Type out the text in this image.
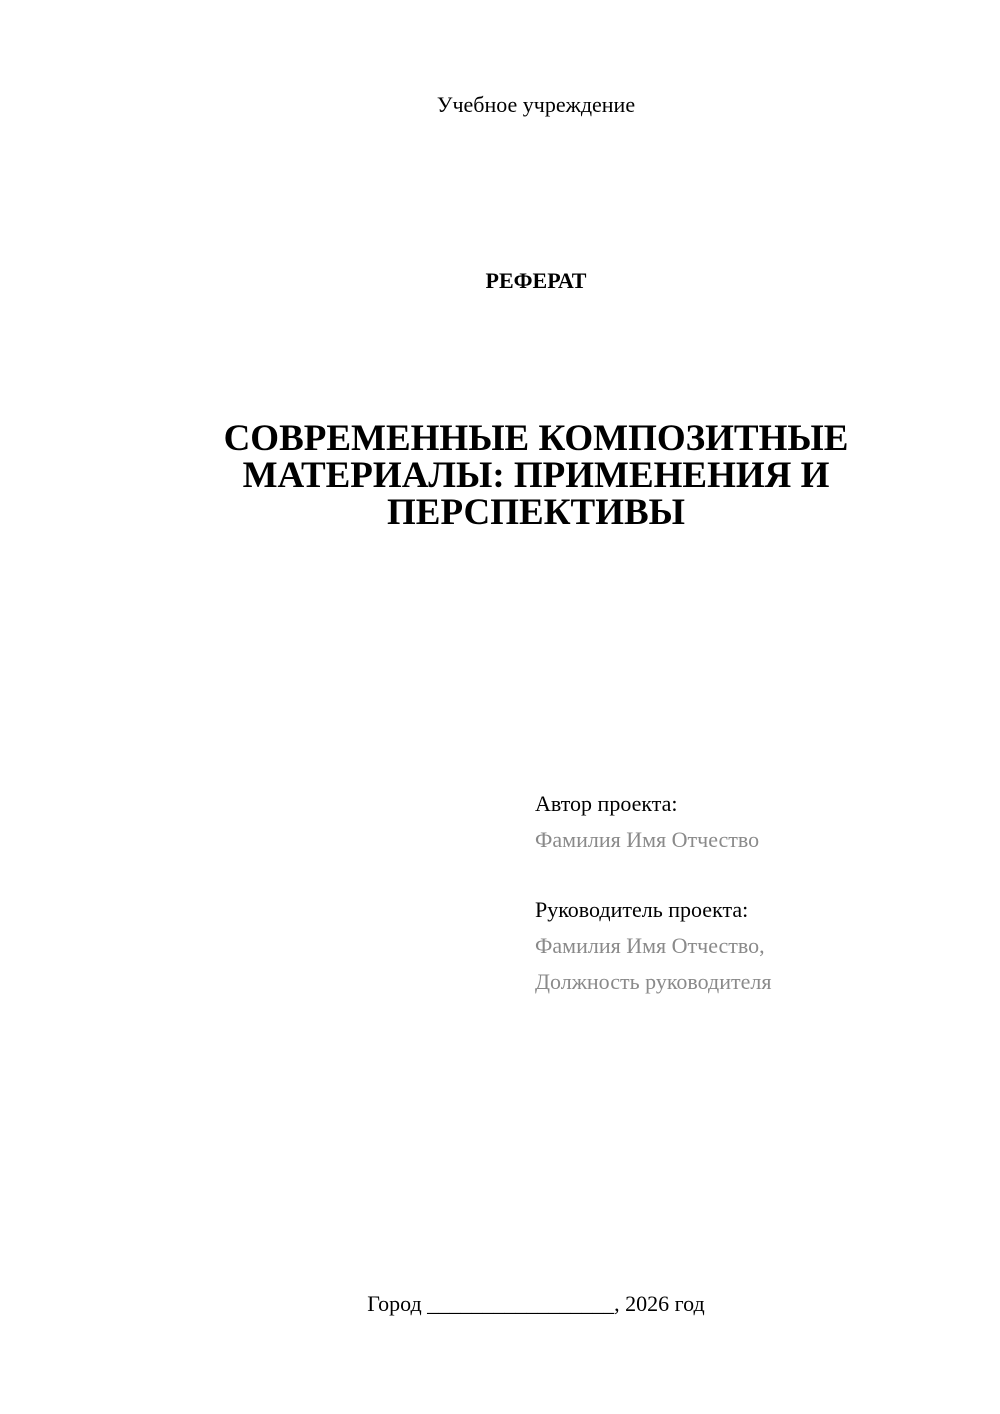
Учебное учреждение
РЕФЕРАТ
СОВРЕМЕННЫЕ КОМПОЗИТНЫЕ
МАТЕРИАЛЫ: ПРИМЕНЕНИЯ И
ПЕРСПЕКТИВЫ
Автор проекта:
Фамилия Имя Отчество
Руководитель проекта:
Фамилия Имя Отчество,
Должность руководителя
Город _________________, 2026 год
